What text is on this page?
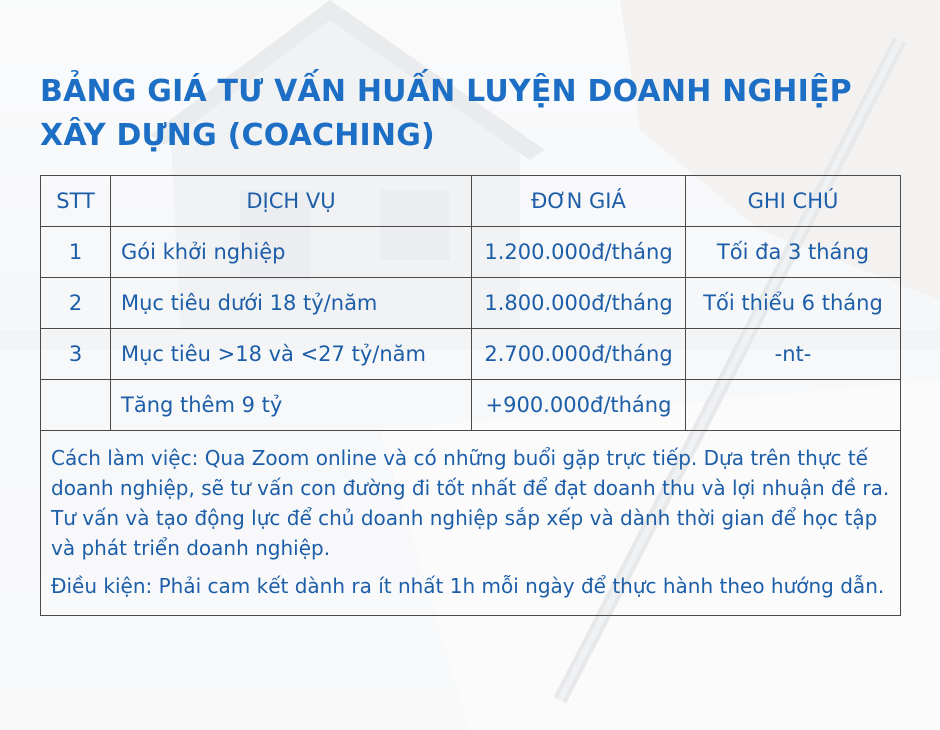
BẢNG GIÁ TƯ VẤN HUẤN LUYỆN DOANH NGHIỆP
XÂY DỰNG (COACHING)
STT	DỊCH VỤ	ĐƠN GIÁ	GHI CHÚ
1	Gói khởi nghiệp	1.200.000đ/tháng	Tối đa 3 tháng
2	Mục tiêu dưới 18 tỷ/năm	1.800.000đ/tháng	Tối thiểu 6 tháng
3	Mục tiêu >18 và <27 tỷ/năm	2.700.000đ/tháng	-nt-
	Tăng thêm 9 tỷ	+900.000đ/tháng	

Cách làm việc: Qua Zoom online và có những buổi gặp trực tiếp. Dựa trên thực tế doanh nghiệp, sẽ tư vấn con đường đi tốt nhất để đạt doanh thu và lợi nhuận đề ra. Tư vấn và tạo động lực để chủ doanh nghiệp sắp xếp và dành thời gian để học tập và phát triển doanh nghiệp.

Điều kiện: Phải cam kết dành ra ít nhất 1h mỗi ngày để thực hành theo hướng dẫn.			
